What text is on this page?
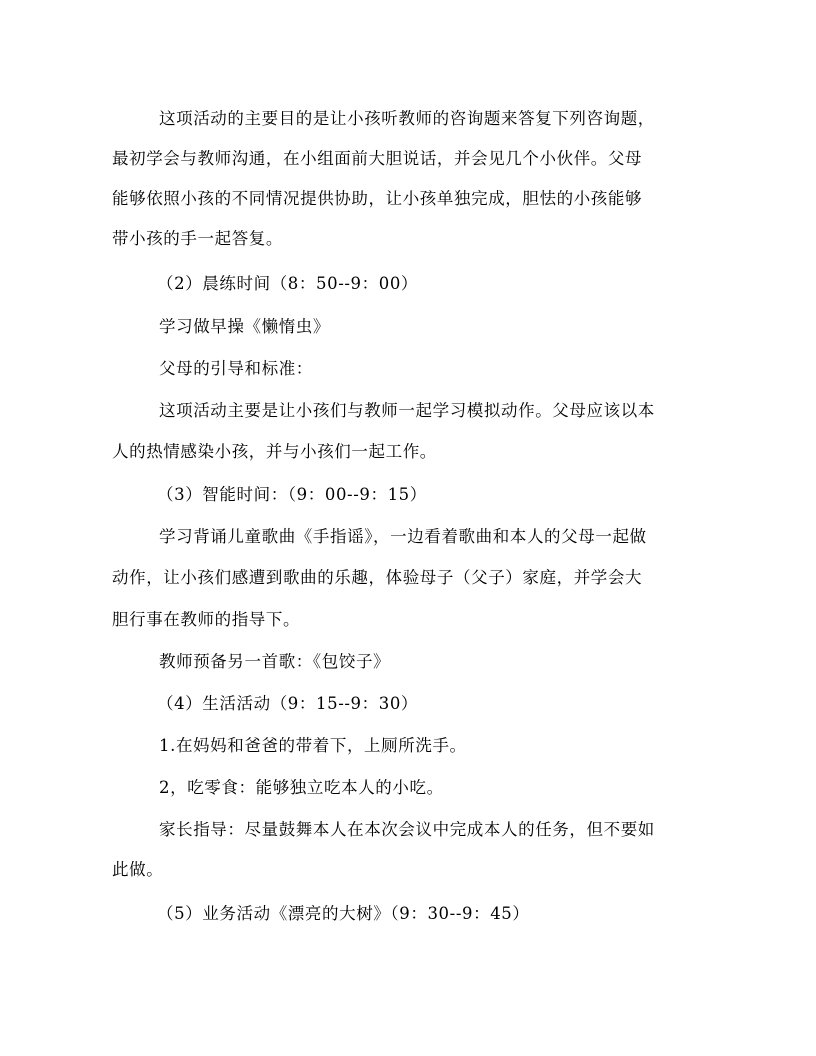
这项活动的主要目的是让小孩听教师的咨询题来答复下列咨询题，
最初学会与教师沟通，在小组面前大胆说话，并会见几个小伙伴。父母
能够依照小孩的不同情况提供协助，让小孩单独完成，胆怯的小孩能够
带小孩的手一起答复。
（2）晨练时间（8：50--9：00）
学习做早操《懒惰虫》
父母的引导和标准：
这项活动主要是让小孩们与教师一起学习模拟动作。父母应该以本
人的热情感染小孩，并与小孩们一起工作。
（3）智能时间：（9：00--9：15）
学习背诵儿童歌曲《手指谣》，一边看着歌曲和本人的父母一起做
动作，让小孩们感遭到歌曲的乐趣，体验母子（父子）家庭，并学会大
胆行事在教师的指导下。
教师预备另一首歌：《包饺子》
（4）生活活动（9：15--9：30）
1.在妈妈和爸爸的带着下，上厕所洗手。
2，吃零食：能够独立吃本人的小吃。
家长指导：尽量鼓舞本人在本次会议中完成本人的任务，但不要如
此做。
（5）业务活动《漂亮的大树》（9：30--9：45）
